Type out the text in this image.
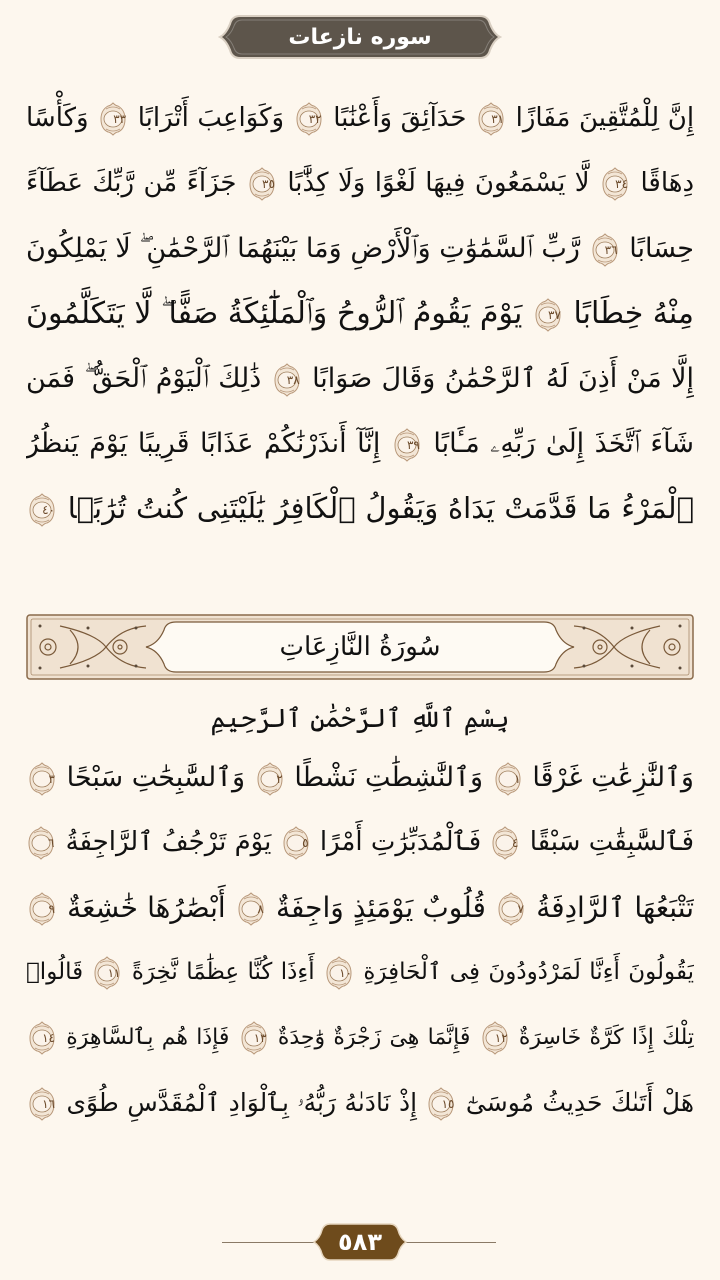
سوره نازعات
إِنَّ لِلْمُتَّقِينَ مَفَازًا
٣١
حَدَآئِقَ وَأَعْنَٰبًا
٣٢
وَكَوَاعِبَ أَتْرَابًا
٣٣
وَكَأْسًا
دِهَاقًا
٣٤
لَّا يَسْمَعُونَ فِيهَا لَغْوًا وَلَا كِذَّٰبًا
٣٥
جَزَآءً مِّن رَّبِّكَ عَطَآءً
حِسَابًا
٣٦
رَّبِّ ٱلسَّمَٰوَٰتِ وَٱلْأَرْضِ وَمَا بَيْنَهُمَا ٱلرَّحْمَٰنِ ۖ لَا يَمْلِكُونَ
مِنْهُ خِطَابًا
٣٧
يَوْمَ يَقُومُ ٱلرُّوحُ وَٱلْمَلَٰٓئِكَةُ صَفًّا ۖ لَّا يَتَكَلَّمُونَ
إِلَّا مَنْ أَذِنَ لَهُ ٱلرَّحْمَٰنُ وَقَالَ صَوَابًا
٣٨
ذَٰلِكَ ٱلْيَوْمُ ٱلْحَقُّ ۖ فَمَن
شَآءَ ٱتَّخَذَ إِلَىٰ رَبِّهِۦ مَـَٔابًا
٣٩
إِنَّآ أَنذَرْنَٰكُمْ عَذَابًا قَرِيبًا يَوْمَ يَنظُرُ
ٱلْمَرْءُ مَا قَدَّمَتْ يَدَاهُ وَيَقُولُ ٱلْكَافِرُ يَٰلَيْتَنِى كُنتُ تُرَٰبًۢا
٤٠
سُورَةُ النَّازِعَاتِ
بِسْمِ ٱللَّهِ ٱلرَّحْمَٰنِ ٱلرَّحِيمِ
وَٱلنَّٰزِعَٰتِ غَرْقًا
١
وَٱلنَّٰشِطَٰتِ نَشْطًا
٢
وَٱلسَّٰبِحَٰتِ سَبْحًا
٣
فَٱلسَّٰبِقَٰتِ سَبْقًا
٤
فَٱلْمُدَبِّرَٰتِ أَمْرًا
٥
يَوْمَ تَرْجُفُ ٱلرَّاجِفَةُ
٦
تَتْبَعُهَا ٱلرَّادِفَةُ
٧
قُلُوبٌ يَوْمَئِذٍ وَاجِفَةٌ
٨
أَبْصَٰرُهَا خَٰشِعَةٌ
٩
يَقُولُونَ أَءِنَّا لَمَرْدُودُونَ فِى ٱلْحَافِرَةِ
١٠
أَءِذَا كُنَّا عِظَٰمًا نَّخِرَةً
١١
قَالُوا۟
تِلْكَ إِذًا كَرَّةٌ خَاسِرَةٌ
١٢
فَإِنَّمَا هِىَ زَجْرَةٌ وَٰحِدَةٌ
١٣
فَإِذَا هُم بِٱلسَّاهِرَةِ
١٤
هَلْ أَتَىٰكَ حَدِيثُ مُوسَىٰٓ
١٥
إِذْ نَادَىٰهُ رَبُّهُۥ بِٱلْوَادِ ٱلْمُقَدَّسِ طُوًى
١٦
٥٨٣
